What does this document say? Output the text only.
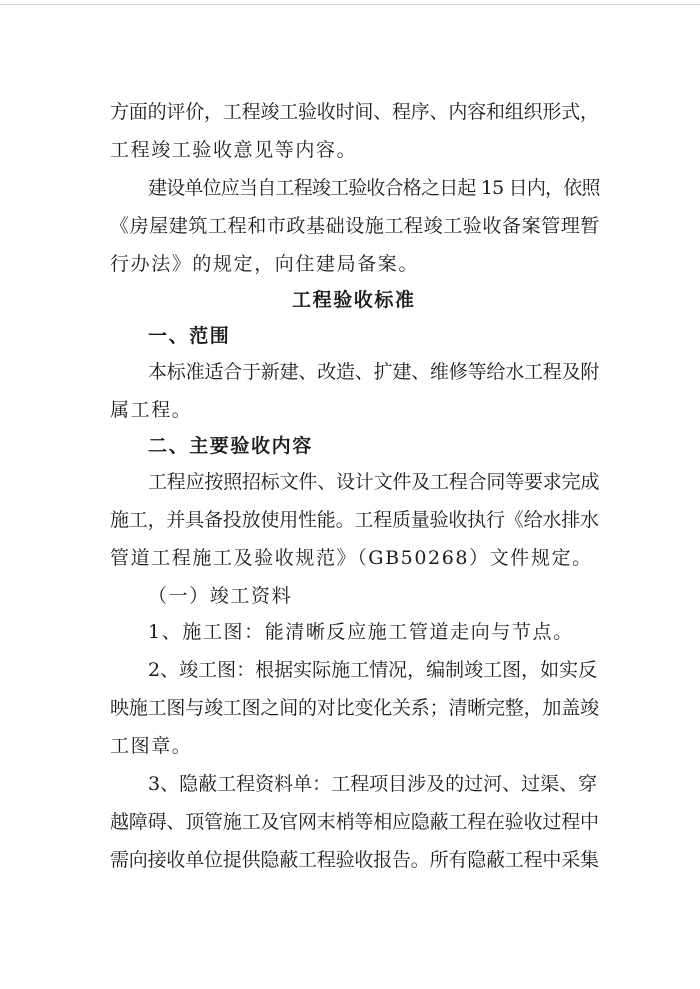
方面的评价，工程竣工验收时间、程序、内容和组织形式，
工程竣工验收意见等内容。
建设单位应当自工程竣工验收合格之日起 15 日内，依照
《房屋建筑工程和市政基础设施工程竣工验收备案管理暂
行办法》的规定，向住建局备案。
工程验收标准
一、范围
本标准适合于新建、改造、扩建、维修等给水工程及附
属工程。
二、主要验收内容
工程应按照招标文件、设计文件及工程合同等要求完成
施工，并具备投放使用性能。工程质量验收执行《给水排水
管道工程施工及验收规范》（GB50268）文件规定。
（一）竣工资料
1、施工图：能清晰反应施工管道走向与节点。
2、竣工图：根据实际施工情况，编制竣工图，如实反
映施工图与竣工图之间的对比变化关系；清晰完整，加盖竣
工图章。
3、隐蔽工程资料单：工程项目涉及的过河、过渠、穿
越障碍、顶管施工及官网末梢等相应隐蔽工程在验收过程中
需向接收单位提供隐蔽工程验收报告。所有隐蔽工程中采集
